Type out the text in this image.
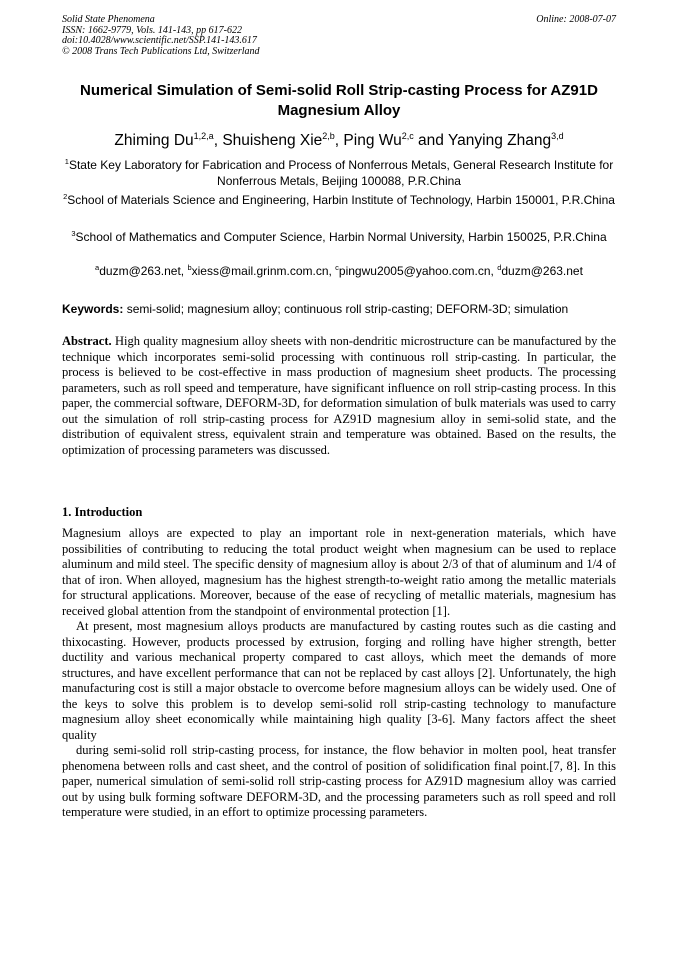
Solid State Phenomena	Online: 2008-07-07
ISSN: 1662-9779, Vols. 141-143, pp 617-622
doi:10.4028/www.scientific.net/SSP.141-143.617
© 2008 Trans Tech Publications Ltd, Switzerland
Numerical Simulation of Semi-solid Roll Strip-casting Process for AZ91D Magnesium Alloy
Zhiming Du$^{1,2,a}$, Shuisheng Xie$^{2,b}$, Ping Wu$^{2,c}$ and Yanying Zhang$^{3,d}$
$^1$State Key Laboratory for Fabrication and Process of Nonferrous Metals, General Research Institute for Nonferrous Metals, Beijing 100088, P.R.China
$^2$School of Materials Science and Engineering, Harbin Institute of Technology, Harbin 150001, P.R.China
$^3$School of Mathematics and Computer Science, Harbin Normal University, Harbin 150025, P.R.China
$^a$duzm@263.net, $^b$xiess@mail.grinm.com.cn, $^c$pingwu2005@yahoo.com.cn, $^d$duzm@263.net
Keywords: semi-solid; magnesium alloy; continuous roll strip-casting; DEFORM-3D; simulation
Abstract. High quality magnesium alloy sheets with non-dendritic microstructure can be manufactured by the technique which incorporates semi-solid processing with continuous roll strip-casting. In particular, the process is believed to be cost-effective in mass production of magnesium sheet products. The processing parameters, such as roll speed and temperature, have significant influence on roll strip-casting process. In this paper, the commercial software, DEFORM-3D, for deformation simulation of bulk materials was used to carry out the simulation of roll strip-casting process for AZ91D magnesium alloy in semi-solid state, and the distribution of equivalent stress, equivalent strain and temperature was obtained. Based on the results, the optimization of processing parameters was discussed.
1. Introduction

Magnesium alloys are expected to play an important role in next-generation materials, which have possibilities of contributing to reducing the total product weight when magnesium can be used to replace aluminum and mild steel. The specific density of magnesium alloy is about 2/3 of that of aluminum and 1/4 of that of iron. When alloyed, magnesium has the highest strength-to-weight ratio among the metallic materials for structural applications. Moreover, because of the ease of recycling of metallic materials, magnesium has received global attention from the standpoint of environmental protection [1].

At present, most magnesium alloys products are manufactured by casting routes such as die casting and thixocasting. However, products processed by extrusion, forging and rolling have higher strength, better ductility and various mechanical property compared to cast alloys, which meet the demands of more structures, and have excellent performance that can not be replaced by cast alloys [2]. Unfortunately, the high manufacturing cost is still a major obstacle to overcome before magnesium alloys can be widely used. One of the keys to solve this problem is to develop semi-solid roll strip-casting technology to manufacture magnesium alloy sheet economically while maintaining high quality [3-6]. Many factors affect the sheet quality

during semi-solid roll strip-casting process, for instance, the flow behavior in molten pool, heat transfer phenomena between rolls and cast sheet, and the control of position of solidification final point.[7, 8]. In this paper, numerical simulation of semi-solid roll strip-casting process for AZ91D magnesium alloy was carried out by using bulk forming software DEFORM-3D, and the processing parameters such as roll speed and roll temperature were studied, in an effort to optimize processing parameters.
